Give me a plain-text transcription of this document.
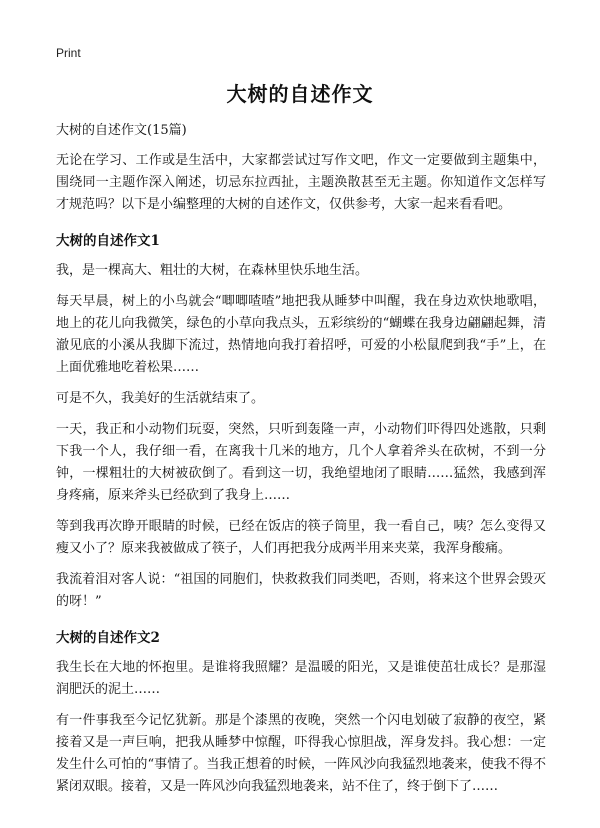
Print
大树的自述作文

大树的自述作文(15篇)

无论在学习、工作或是生活中，大家都尝试过写作文吧，作文一定要做到主题集中，围绕同一主题作深入阐述，切忌东拉西扯，主题涣散甚至无主题。你知道作文怎样写才规范吗？以下是小编整理的大树的自述作文，仅供参考，大家一起来看看吧。

大树的自述作文1

我，是一棵高大、粗壮的大树，在森林里快乐地生活。

每天早晨，树上的小鸟就会“唧唧喳喳”地把我从睡梦中叫醒，我在身边欢快地歌唱，地上的花儿向我微笑，绿色的小草向我点头，五彩缤纷的“蝴蝶在我身边翩翩起舞，清澈见底的小溪从我脚下流过，热情地向我打着招呼，可爱的小松鼠爬到我“手”上，在上面优雅地吃着松果……

可是不久，我美好的生活就结束了。

一天，我正和小动物们玩耍，突然，只听到轰隆一声，小动物们吓得四处逃散，只剩下我一个人，我仔细一看，在离我十几米的地方，几个人拿着斧头在砍树，不到一分钟，一棵粗壮的大树被砍倒了。看到这一切，我绝望地闭了眼睛……猛然，我感到浑身疼痛，原来斧头已经砍到了我身上……

等到我再次睁开眼睛的时候，已经在饭店的筷子筒里，我一看自己，咦？怎么变得又瘦又小了？原来我被做成了筷子，人们再把我分成两半用来夹菜，我浑身酸痛。

我流着泪对客人说：“祖国的同胞们，快救救我们同类吧，否则，将来这个世界会毁灭的呀！”

大树的自述作文2

我生长在大地的怀抱里。是谁将我照耀？是温暖的阳光，又是谁使茁壮成长？是那湿润肥沃的泥土……

有一件事我至今记忆犹新。那是个漆黑的夜晚，突然一个闪电划破了寂静的夜空，紧接着又是一声巨响，把我从睡梦中惊醒，吓得我心惊胆战，浑身发抖。我心想：一定发生什么可怕的“事情了。当我正想着的时候，一阵风沙向我猛烈地袭来，使我不得不紧闭双眼。接着，又是一阵风沙向我猛烈地袭来，站不住了，终于倒下了……
